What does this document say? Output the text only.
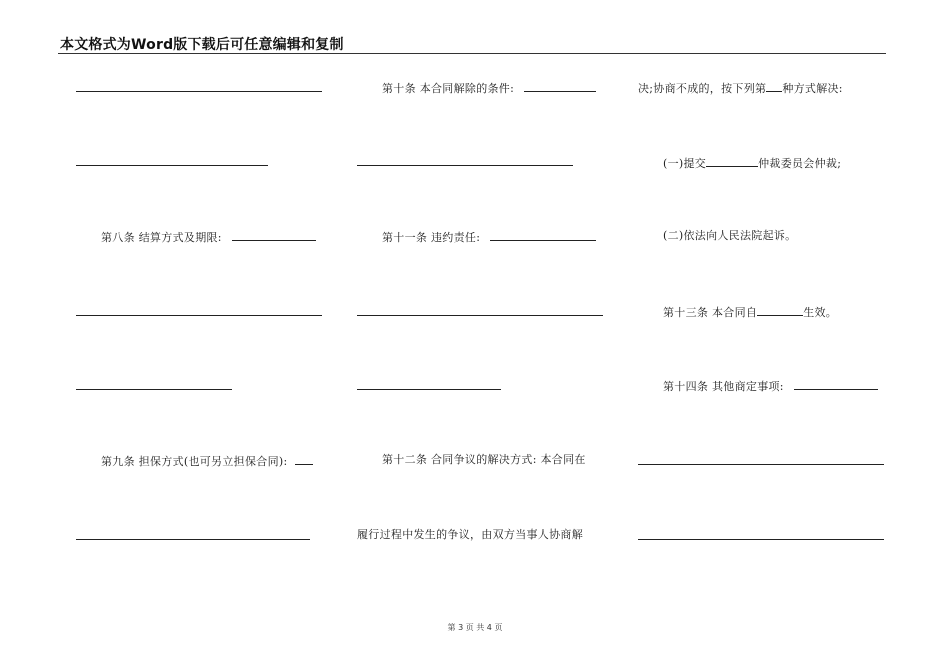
本文格式为Word版下载后可任意编辑和复制
第八条 结算方式及期限:
第九条 担保方式(也可另立担保合同):
第十条 本合同解除的条件:
第十一条 违约责任:
第十二条 合同争议的解决方式: 本合同在
履行过程中发生的争议，由双方当事人协商解
决;协商不成的，按下列第 种方式解决:
(一)提交	仲裁委员会仲裁;
(二)依法向人民法院起诉。
第十三条 本合同自	生效。
第十四条 其他商定事项:
第 3 页 共 4 页
